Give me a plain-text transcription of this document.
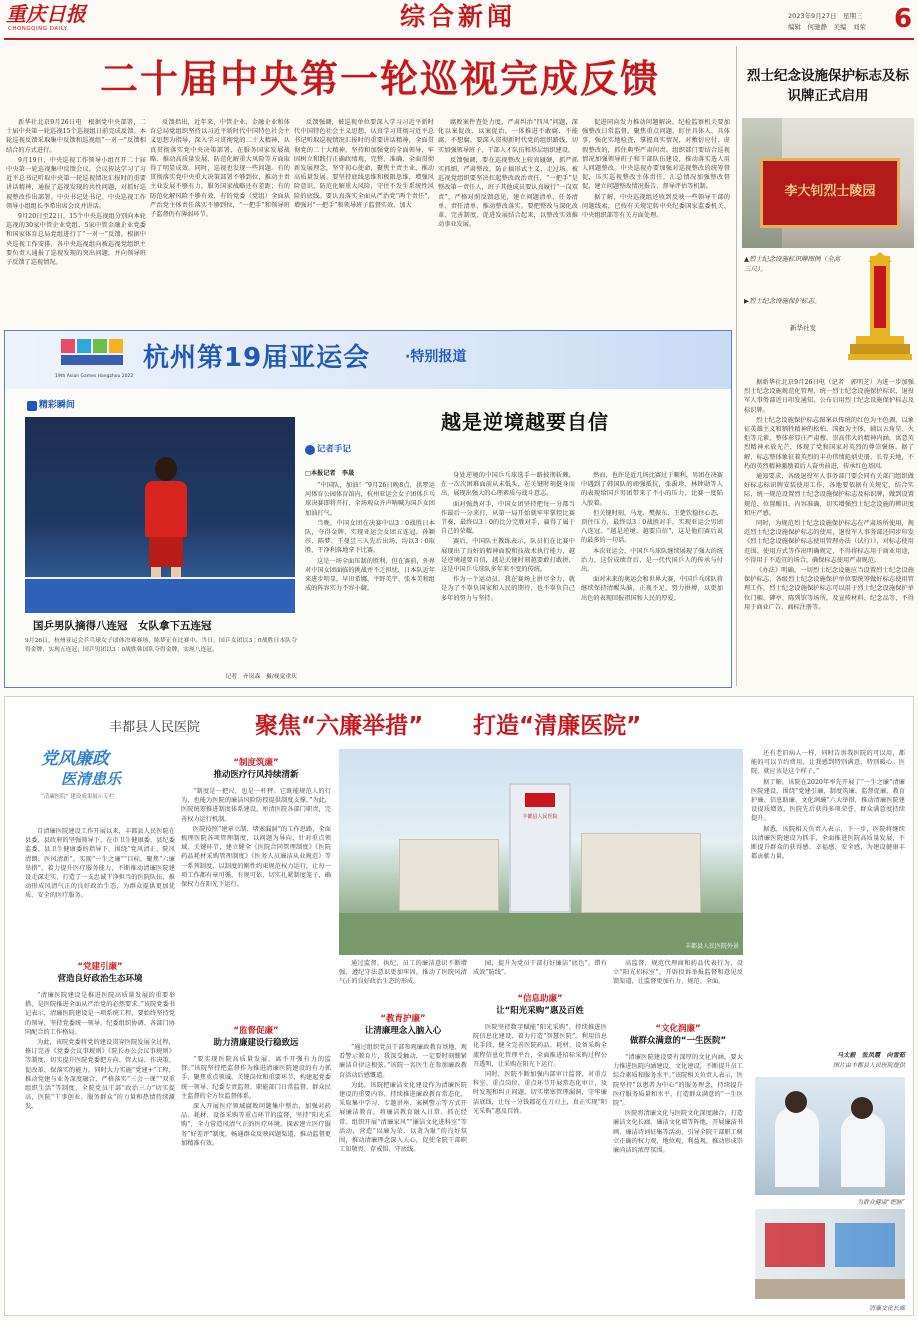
重庆日报
CHONGQING DAILY	综合新闻	2023年9月27日　星期三
编辑　何驰静　美编　刘荣 6
二十届中央第一轮巡视完成反馈

新华社北京9月26日电　根据党中央部署，二十届中央第一轮巡视15个巡视组日前完成反馈。本轮巡视反馈采取集中反馈和巡视组“一对一”反馈相结合的方式进行。

9月19日，中央巡视工作领导小组召开二十届中央第一轮巡视集中反馈会议。会议传达学习了习近平总书记听取中央第一轮巡视情况汇报时的重要讲话精神，通报了巡视发现的共性问题，对抓好巡视整改作出部署。中央书记处书记、中央巡视工作领导小组组长李希出席会议并讲话。

9月20日至22日，15个中央巡视组分别向本轮巡视的30家中管企业党组、5家中管金融企业党委和国家体育总局党组进行了“一对一”反馈。根据中央巡视工作安排，各中央巡视组向被巡视党组织主要负责人通报了巡视发现的突出问题，并向领导班子反馈了巡视情况。

反馈指出，近年来，中管企业、金融企业和体育总局党组织坚持以习近平新时代中国特色社会主义思想为指导，深入学习贯彻党的二十大精神，认真贯彻落实党中央决策部署，在服务国家发展战略、推动高质量发展、防范化解重大风险等方面取得了明显成效。同时，巡视也发现一些问题。有的贯彻落实党中央重大决策部署不够到位，推动主责主业发展不够有力，服务国家战略还有差距；有的防范化解风险不够有效，有的党委（党组）全面从严治党主体责任落实不够到位，“一把手”和领导班子监督仍有薄弱环节。

反馈强调，被巡视单位要深入学习习近平新时代中国特色社会主义思想，认真学习贯彻习近平总书记听取巡视情况汇报时的重要讲话精神，全面贯彻党的二十大精神，坚持和加强党的全面领导，牢固树立和践行正确政绩观，完整、准确、全面贯彻新发展理念，坚守初心使命，聚焦主责主业，推动高质量发展。要坚持底线思维和极限思维，增强风险意识，防范化解重大风险，守住不发生系统性风险的底线。要认真落实全面从严治党“两个责任”，增强对“一把手”和领导班子监督实效，加大

腐败案件查处力度，严肃纠治“四风”问题，深化以案促改、以案促治，一体推进不敢腐、不能腐、不想腐。要深入贯彻新时代党的组织路线，切实加强领导班子、干部人才队伍和基层组织建设。

反馈强调，要在巡视整改上较真碰硬，抓严抓实抓细，严肃整改，防止搞形式主义、走过场。被巡视党组织要坚决扛起整改政治责任，“一把手”是整改第一责任人，班子其他成员要认真履行“一岗双责”，严格对照反馈意见，建立问题清单、任务清单、责任清单，推动整改落实。要把整改与深化改革、完善制度、促进发展结合起来，以整改实效推动事业发展。

促进同向发力推动问题解决。纪检监察机关要加强整改日常监督，聚焦重点问题，盯住具体人、具体事，强化实地检查，掌握真实情况，对敷衍应付、虚假整改的，抓住典型严肃问责。组织部门要结合巡视情况加强领导班子和干部队伍建设，推动落实选人用人问题整改。中央巡视办要加强对巡视整改的统筹督促，压实巡视整改主体责任，汇总情况加强整改督促，建立问题整改情况报告、督导评估等机制。

据了解，中央巡视组还收到反映一些领导干部的问题线索，已按有关规定转中央纪委国家监委机关、中央组织部等有关方面处理。

烈士纪念设施保护标志及标识牌正式启用
李大钊烈士陵园
▲烈士纪念设施标识牌图例（全高三尺）。
▶烈士纪念设施保护标志。
新华社发

据新华社北京9月26日电（记者　郭明芝）为进一步加强烈士纪念设施规范化管理，统一烈士纪念设施保护标识，退役军人事务部近日印发通知，公布启用烈士纪念设施保护标志及标识牌。

烈士纪念设施保护标志图案以传统的红色为主色调，以象征英雄主义和牺牲精神的松柏、国旗为主体，辅以五角星、火炬等元素，整体彰显庄严肃穆、崇高伟大的精神内涵，寓意英烈精神永放光芒，体现了党和国家对英烈的尊崇褒扬。据了解，标志整体象征着英烈的丰功伟绩彪炳史册、长存天地，不朽的英烈精神激励着后人奋勇前进，传承红色基因。

通知要求，各级退役军人事务部门要会同有关部门组织做好标志标识牌安装使用工作，各地要依据有关规定，结合实际，统一规范设置烈士纪念设施保护标志及标识牌，做到设置规范、位置醒目、内容准确，切实增强烈士纪念设施的辨识度和庄严感。

同时，为规范烈士纪念设施保护标志在严肃场所使用，规范烈士纪念设施保护标志的使用，退役军人事务部还同步印发《烈士纪念设施保护标志使用管理办法（试行）》，对标志使用范围、使用方式等作出明确规定，不得将标志用于商业用途，不得用于不适宜的场合，确保标志使用严肃规范。

《办法》明确，一切烈士纪念设施应当设置烈士纪念设施保护标志，各级烈士纪念设施保护单位要统筹做好标志使用管理工作，烈士纪念设施保护标志可以用于烈士纪念设施保护单位门楣、碑亭、陈列馆等场所，及宣传材料、纪念品等，不得用于商业广告、商标注册等。

19th Asian Games Hangzhou 2022
杭州第19届亚运会 ·特别报道
精彩瞬间
国乒男队摘得八连冠　女队拿下五连冠
9月26日，杭州亚运会乒乓球女子团体决赛赛场，陈梦正在比赛中。当日，国乒女团以3∶0战胜日本队夺得金牌，实现五连冠；国乒男团以3∶0战胜韩国队夺得金牌，实现八连冠。
记者　齐岚森　摄/视觉重庆
越是逆境越要自信
记者手记
□本报记者　李晟

“中国队，加油！”9月26日晚8点，拱墅运河体育公园体育馆内，杭州亚运会女子团体乒乓球决赛即将开打，全场观众齐声呐喊为国乒女团加油打气。

当晚，中国女团在决赛中以3∶0战胜日本队，夺得金牌，实现亚运会女团五连冠。孙颖莎、陈梦、王曼昱三人先后出场，均以3∶0取胜，干净利落地拿下比赛。

这是一场全面压制的胜利，但在赛前，外界对中国女团面临的挑战并不乏担忧，日本队近年来进步明显，早田希娜、平野美宇、张本美和组成的阵容实力不容小觑。

身处逆境的中国乒乓球选手一路披荆斩棘，在一次次困难面前从未低头，在关键时刻挺身而出，展现出强大的心理素质与战斗意志。

面对强劲对手，中国女团坚持把每一分都当作最后一分来打，从第一局开始就牢牢掌控比赛节奏，最终以3∶0的比分完胜对手，赢得了属于自己的荣耀。

赛后，中国队主教练表示，队员们在比赛中展现出了良好的精神面貌和技战术执行能力，越是逆境越要自信，越是关键时刻越要敢打敢拼，这是中国乒乓球队多年来不变的传统。

作为一个运动员，我在赛场上拼尽全力，就是为了不辜负国家和人民的期待，也不辜负自己多年的努力与坚持。

然而，也许是近几场比赛过于顺利，男团在决赛中遇到了韩国队的顽强抵抗，张禹珍、林钟勋等人的表现给国乒男团带来了不小的压力，比赛一度陷入胶着。

但关键时刻，马龙、樊振东、王楚钦稳住心态，顶住压力，最终以3∶0战胜对手，实现亚运会男团八连冠。“越是逆境，越要自信”，这是他们赛后说的最多的一句话。

本次亚运会，中国乒乓球队继续展现了强大的统治力，这份成绩背后，是一代代国乒人的传承与付出。

面对未来的奥运会和世界大赛，中国乒乓球队将继续保持清醒头脑，正视不足，努力拼搏，以更加出色的表现回报祖国和人民的厚爱。

丰都县人民医院 聚焦“六廉举措” 打造“清廉医院”
党风廉政
医清患乐
“清廉医院” 建设成果展示专栏

自清廉医院建设工作开展以来，丰都县人民医院在县委、县政府的坚强领导下，在市卫生健康委、县纪委监委、县卫生健康委的指导下，围绕“党风清正、院风清朗、医风清新”，实现“一生之廉”“目标，聚焦“六廉举措”，着力提升医疗服务能力，不断推动清廉医院建设走深走实，打造了一支忠诚干净担当的医院队伍，推动形成风清气正的良好政治生态，为群众提供更加优质、安全的医疗服务。

“党建引廉”
营造良好政治生态环境

“清廉医院建设是推进医院高质量发展的重要举措，是医院推进全面从严治党的必然要求。”该院党委书记表示，清廉医院建设是一项系统工程，要始终坚持党的领导，坚持党委统一领导、纪委组织协调、各部门协同配合的工作格局。

为此，该院党委将党的建设贯穿医院发展全过程，修订完善《党委会议事规则》《院长办公会议事规则》等制度，切实提升医院党委把方向、管大局、作决策、促改革、保落实的能力。同时大力实施“党建+”工程，推动党建与业务深度融合，严格落实“三会一课”“双重组织生活”等制度，全院党员干部“政治三力”切实提高，医院“干事创业、服务群众”的力量和热情持续激发。

“制度筑廉”
推动医疗行风持续清新

“制度是一把尺，也是一杆秤。它既能规范人的行为，也能为医院的廉洁风险防控提供制度支撑。”为此，医院统筹推进制度体系建设，厘清医院各部门职责，完善权力运行机制。

医院按照“建章立制、堵塞漏洞”的工作思路，全面梳理医院各项管理制度，以问题为导向，针对重点领域、关键环节，建立健全《医院合同管理制度》《医院药品耗材采购管理制度》《医务人员廉洁从业规范》等一系列制度，以制度的刚性约束规范权力运行，让每一项工作都有章可循、有规可依，切实扎紧制度笼子，确保权力在阳光下运行。

“监督促廉”
助力清廉建设行稳致远

“要实现医院高质量发展，离不开强有力的监督。”该院坚持把监督作为推进清廉医院建设的有力抓手，聚焦重点领域、关键岗位和重要环节，构建起党委统一领导、纪委专责监督、职能部门日常监督、群众民主监督的全方位监督体系。

深入开展医疗领域腐败问题集中整治，加强对药品、耗材、设备采购等重点环节的监督，坚持“阳光采购”，全力营造风清气正的医疗环境。探索建立医疗服务“好差评”制度，畅通群众反映问题渠道，推动监督更加精准有效。

丰都县人民医院
丰都县人民医院外景

通过监督、执纪，员工的廉洁意识不断增强，遵纪守法意识更加牢固，推动了医院风清气正的良好政治生态的形成。

园，提升为党员干部打好廉洁“底色”，错有成效“防线”。

高监督，规范代理商和药品代表行为，设立“阳光招标室”，开辟投诉举报监督和意见反馈渠道，让监督更加有力、规范、全面。

“教育护廉”
让清廉理念入脑入心

“通过组织党员干部参观廉政教育基地、观看警示教育片，我深受触动，一定要时刻绷紧廉洁自律这根弦。”该院一名医生在参加廉政教育活动后感慨道。

为此，该院把廉洁文化建设作为清廉医院建设的重要内容，持续推进廉政教育常态化，采取集中学习、专题讲座、案例警示等方式开展廉洁教育，将廉洁教育融入日常、抓在经常。组织开展“清廉家风”“廉洁文化进科室”等活动，营造“以廉为荣、以贪为耻”的良好氛围，推动清廉理念深入人心，促使全院干部职工知敬畏、存戒惧、守底线。

“信息助廉”
让“阳光采购”惠及百姓

医院坚持数字赋能“阳光采购”，持续推进医院信息化建设，着力打造“智慧医院”。利用信息化手段，健全完善医院药品、耗材、设备采购全流程信息化管理平台，全面推进招标采购过程公开透明，让采购在阳光下运行。

同时，医院不断加强内部审计监督，对重点科室、重点岗位、重点环节开展常态化审计，及时发现和纠正问题，切实堵塞管理漏洞，守牢廉洁底线，让每一分钱都花在刀刃上，真正实现“阳光采购”惠及百姓。

“文化润廉”
做群众满意的“一生医院”

“清廉医院建设要有深厚的文化内涵，要大力推进医院内涵建设、文化建设，不断提升员工综合素质和服务水平。”该院相关负责人表示，医院坚持“以患者为中心”的服务理念，持续提升医疗服务质量和水平，打造群众满意的“一生医院”。

医院将清廉文化与医院文化深度融合，打造廉洁文化长廊、廉洁文化墙等阵地，开展廉洁书画、廉洁诗词征集等活动，引导全院干部职工树立正确的权力观、地位观、利益观，推动形成崇廉尚洁的浓厚氛围。

还有老旧病人一样，同时告诉我医院的可以用，都能的可以节约费用，让我感到特别满意，特别暖心。医院，就应该是这个样子。”

据了解，该院在2020年率先开展了“一生之廉”清廉医院建设，围绕“党建引廉、制度筑廉、监督促廉、教育护廉、信息助廉、文化润廉”六大举措，推动清廉医院建设提质增效，医院先后获得多项荣誉，群众满意度持续提升。

据悉，该院相关负责人表示，下一步，医院将继续以清廉医院建设为抓手，全面推进医院高质量发展，不断提升群众的获得感、幸福感、安全感，为建设健康丰都贡献力量。

马太毅　张凤霞　向雪茹
图片由丰都县人民医院提供
为群众健康“把脉”
清廉文化长廊
